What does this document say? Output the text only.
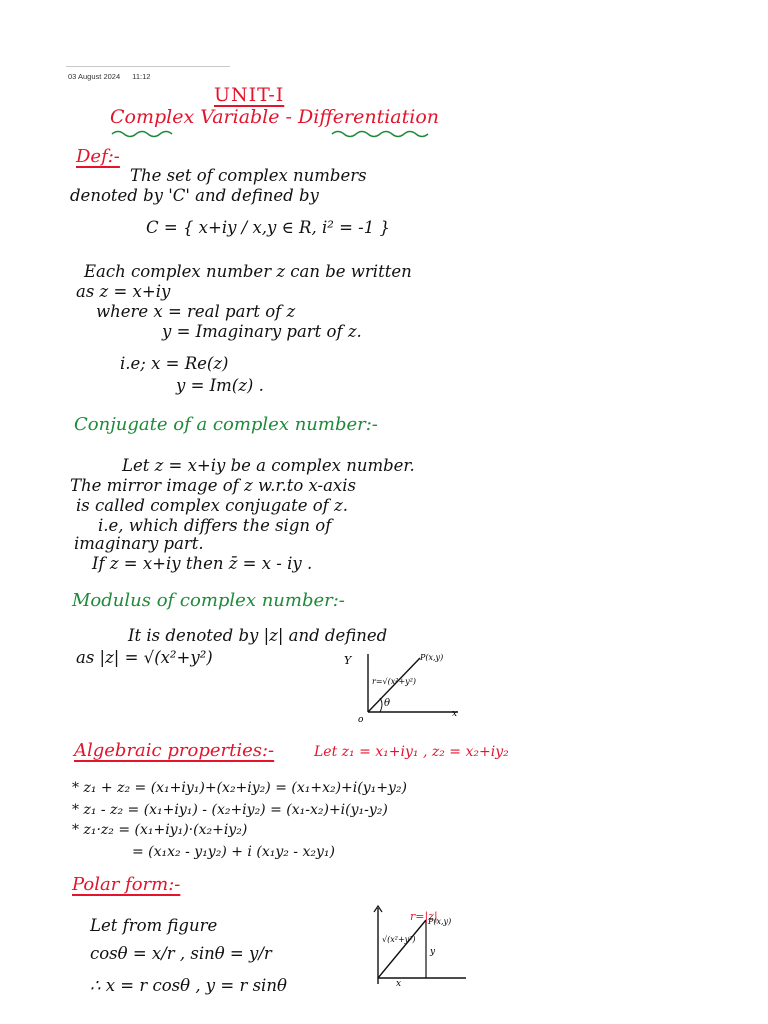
03 August 2024 11:12
UNIT-I
Complex Variable - Differentiation
Def:-
The set of complex numbers
denoted by 'C' and defined by
C = { x+iy / x,y ∈ R, i² = -1 }
Each complex number z can be written
as z = x+iy
where x = real part of z
y = Imaginary part of z.
i.e; x = Re(z)
y = Im(z) .
Conjugate of a complex number:-
Let z = x+iy be a complex number.
The mirror image of z w.r.to x-axis
is called complex conjugate of z.
i.e, which differs the sign of
imaginary part.
If z = x+iy then z̄ = x - iy .
Modulus of complex number:-
It is denoted by |z| and defined
as |z| = √(x²+y²)	Y
x
o
r=√(x²+y²)
P(x,y)
θ
Algebraic properties:-	Let z₁ = x₁+iy₁ , z₂ = x₂+iy₂
* z₁ + z₂ = (x₁+iy₁)+(x₂+iy₂) = (x₁+x₂)+i(y₁+y₂)
* z₁ - z₂ = (x₁+iy₁) - (x₂+iy₂) = (x₁-x₂)+i(y₁-y₂)
* z₁·z₂ = (x₁+iy₁)·(x₂+iy₂)
= (x₁x₂ - y₁y₂) + i (x₁y₂ - x₂y₁)
Polar form:-
Let from figure
cosθ = x/r , sinθ = y/r
∴ x = r cosθ , y = r sinθ
r=|z|
√(x²+y²)
P(x,y)
y
x
